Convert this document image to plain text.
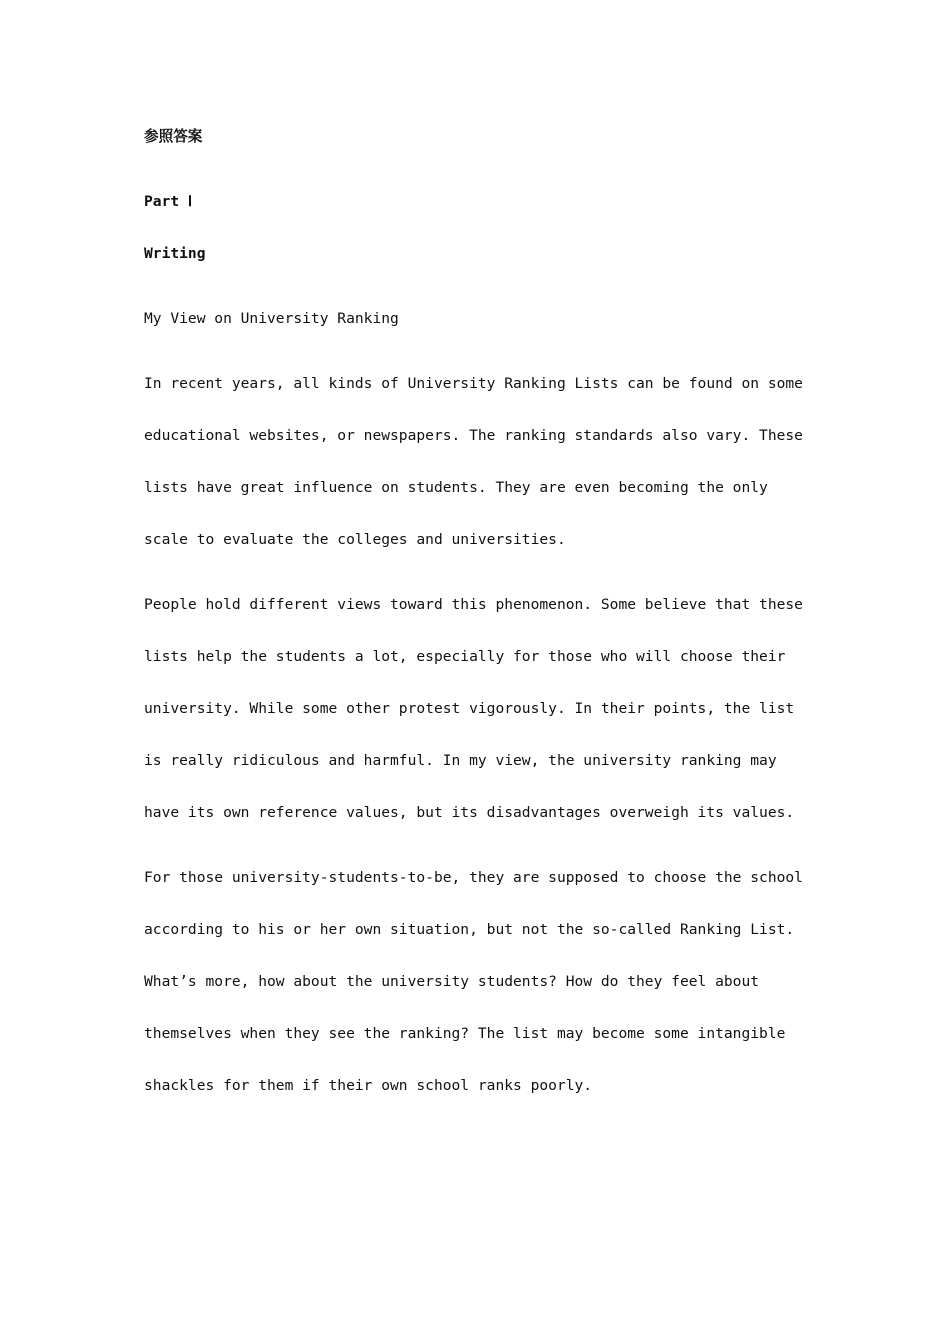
参照答案

Part Ⅰ

Writing

My View on University Ranking

In recent years, all kinds of University Ranking Lists can be found on some educational websites, or newspapers. The ranking standards also vary. These lists have great influence on students. They are even becoming the only scale to evaluate the colleges and universities.

People hold different views toward this phenomenon. Some believe that these lists help the students a lot, especially for those who will choose their university. While some other protest vigorously. In their points, the list is really ridiculous and harmful. In my view, the university ranking may have its own reference values, but its disadvantages overweigh its values.

For those university-students-to-be, they are supposed to choose the school according to his or her own situation, but not the so-called Ranking List. What’s more, how about the university students? How do they feel about themselves when they see the ranking? The list may become some intangible shackles for them if their own school ranks poorly.
